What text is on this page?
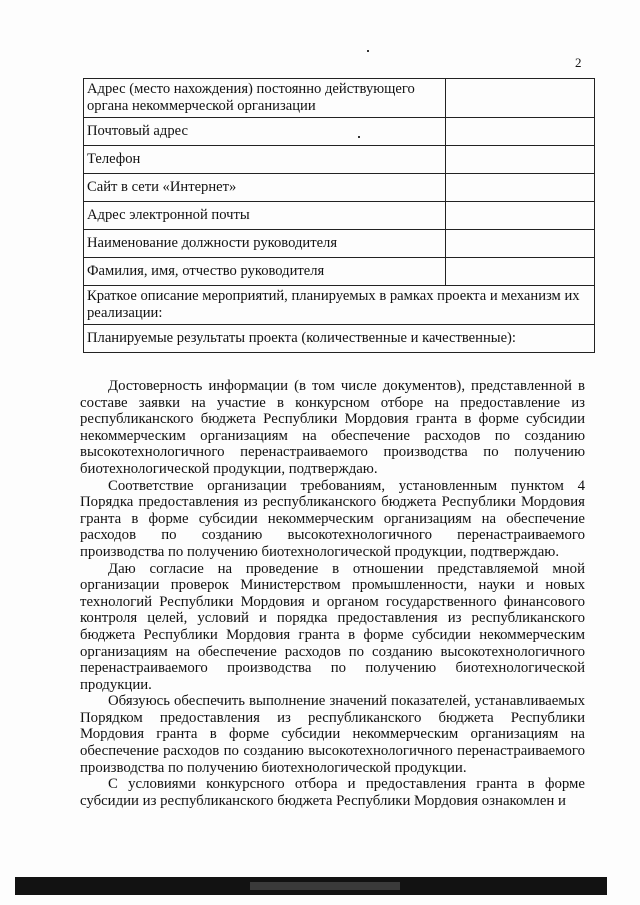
2
Адрес (место нахождения) постоянно действующего органа некоммерческой организации	
Почтовый адрес	
Телефон	
Сайт в сети «Интернет»	
Адрес электронной почты	
Наименование должности руководителя	
Фамилия, имя, отчество руководителя	
Краткое описание мероприятий, планируемых в рамках проекта и механизм их реализации:	
Планируемые результаты проекта (количественные и качественные):	

Достоверность информации (в том числе документов), представленной в составе заявки на участие в конкурсном отборе на предоставление из республиканского бюджета Республики Мордовия гранта в форме субсидии некоммерческим организациям на обеспечение расходов по созданию высокотехнологичного перенастраиваемого производства по получению биотехнологической продукции, подтверждаю.

Соответствие организации требованиям, установленным пунктом 4 Порядка предоставления из республиканского бюджета Республики Мордовия гранта в форме субсидии некоммерческим организациям на обеспечение расходов по созданию высокотехнологичного перенастраиваемого производства по получению биотехнологической продукции, подтверждаю.

Даю согласие на проведение в отношении представляемой мной организации проверок Министерством промышленности, науки и новых технологий Республики Мордовия и органом государственного финансового контроля целей, условий и порядка предоставления из республиканского бюджета Республики Мордовия гранта в форме субсидии некоммерческим организациям на обеспечение расходов по созданию высокотехнологичного перенастраиваемого производства по получению биотехнологической продукции.

Обязуюсь обеспечить выполнение значений показателей, устанавливаемых Порядком предоставления из республиканского бюджета Республики Мордовия гранта в форме субсидии некоммерческим организациям на обеспечение расходов по созданию высокотехнологичного перенастраиваемого производства по получению биотехнологической продукции.

С условиями конкурсного отбора и предоставления гранта в форме субсидии из республиканского бюджета Республики Мордовия ознакомлен и
